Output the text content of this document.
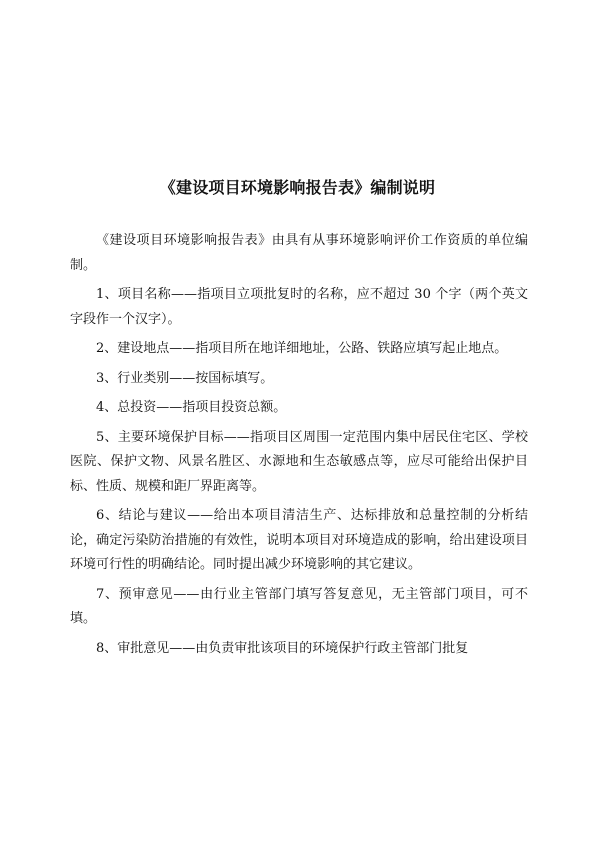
《建设项目环境影响报告表》编制说明

《建设项目环境影响报告表》由具有从事环境影响评价工作资质的单位编制。

1、项目名称——指项目立项批复时的名称，应不超过 30 个字（两个英文字段作一个汉字）。

2、建设地点——指项目所在地详细地址，公路、铁路应填写起止地点。

3、行业类别——按国标填写。

4、总投资——指项目投资总额。

5、主要环境保护目标——指项目区周围一定范围内集中居民住宅区、学校医院、保护文物、风景名胜区、水源地和生态敏感点等，应尽可能给出保护目标、性质、规模和距厂界距离等。

6、结论与建议——给出本项目清洁生产、达标排放和总量控制的分析结论，确定污染防治措施的有效性，说明本项目对环境造成的影响，给出建设项目环境可行性的明确结论。同时提出减少环境影响的其它建议。

7、预审意见——由行业主管部门填写答复意见，无主管部门项目，可不填。

8、审批意见——由负责审批该项目的环境保护行政主管部门批复
